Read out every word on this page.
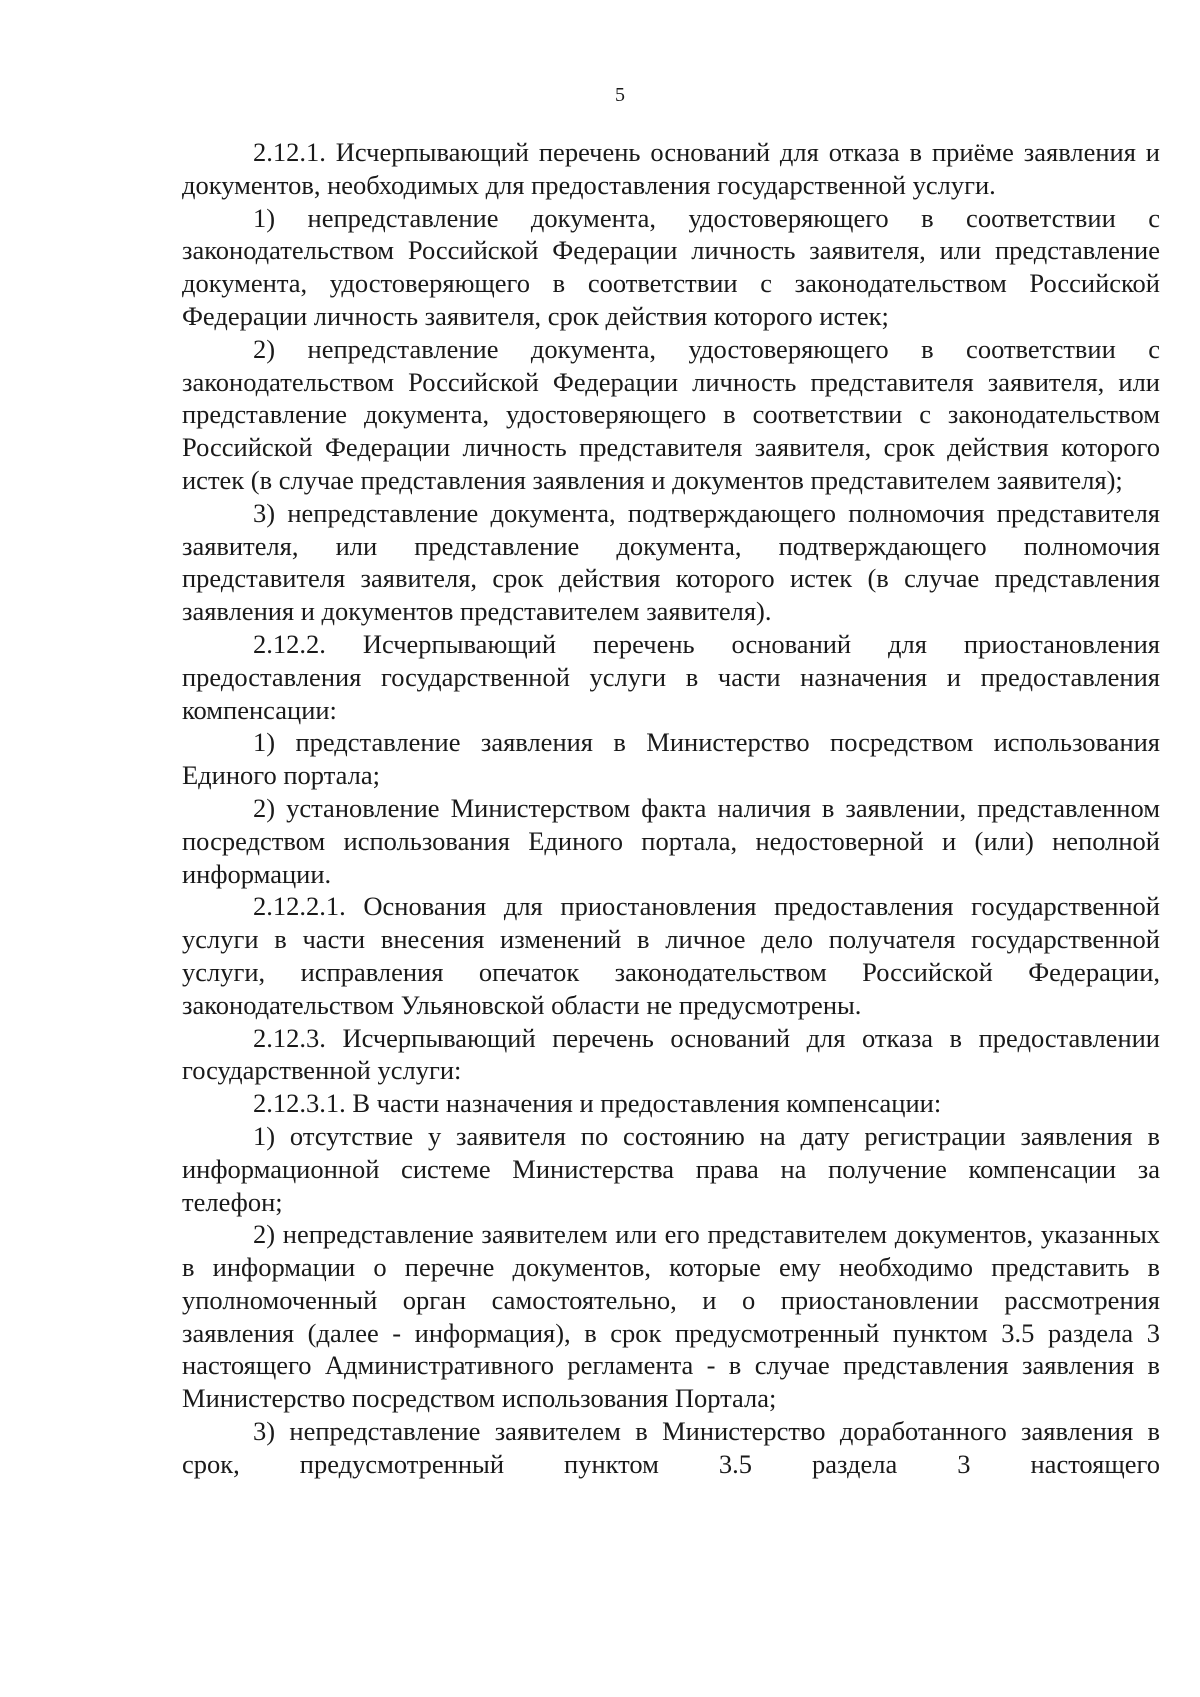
5

2.12.1. Исчерпывающий перечень оснований для отказа в приёме заявления и документов, необходимых для предоставления государственной услуги.

1) непредставление документа, удостоверяющего в соответствии с законодательством Российской Федерации личность заявителя, или представление документа, удостоверяющего в соответствии с законодательством Российской Федерации личность заявителя, срок действия которого истек;

2) непредставление документа, удостоверяющего в соответствии с законодательством Российской Федерации личность представителя заявителя, или представление документа, удостоверяющего в соответствии с законодательством Российской Федерации личность представителя заявителя, срок действия которого истек (в случае представления заявления и документов представителем заявителя);

3) непредставление документа, подтверждающего полномочия представителя заявителя, или представление документа, подтверждающего полномочия представителя заявителя, срок действия которого истек (в случае представления заявления и документов представителем заявителя).

2.12.2. Исчерпывающий перечень оснований для приостановления предоставления государственной услуги в части назначения и предоставления компенсации:

1) представление заявления в Министерство посредством использования Единого портала;

2) установление Министерством факта наличия в заявлении, представленном посредством использования Единого портала, недостоверной и (или) неполной информации.

2.12.2.1. Основания для приостановления предоставления государственной услуги в части внесения изменений в личное дело получателя государственной услуги, исправления опечаток законодательством Российской Федерации, законодательством Ульяновской области не предусмотрены.

2.12.3. Исчерпывающий перечень оснований для отказа в предоставлении государственной услуги:

2.12.3.1. В части назначения и предоставления компенсации:

1) отсутствие у заявителя по состоянию на дату регистрации заявления в информационной системе Министерства права на получение компенсации за телефон;

2) непредставление заявителем или его представителем документов, указанных в информации о перечне документов, которые ему необходимо представить в уполномоченный орган самостоятельно, и о приостановлении рассмотрения заявления (далее - информация), в срок предусмотренный пунктом 3.5 раздела 3 настоящего Административного регламента - в случае представления заявления в Министерство посредством использования Портала;

3) непредставление заявителем в Министерство доработанного заявления в срок, предусмотренный пунктом 3.5 раздела 3 настоящего
